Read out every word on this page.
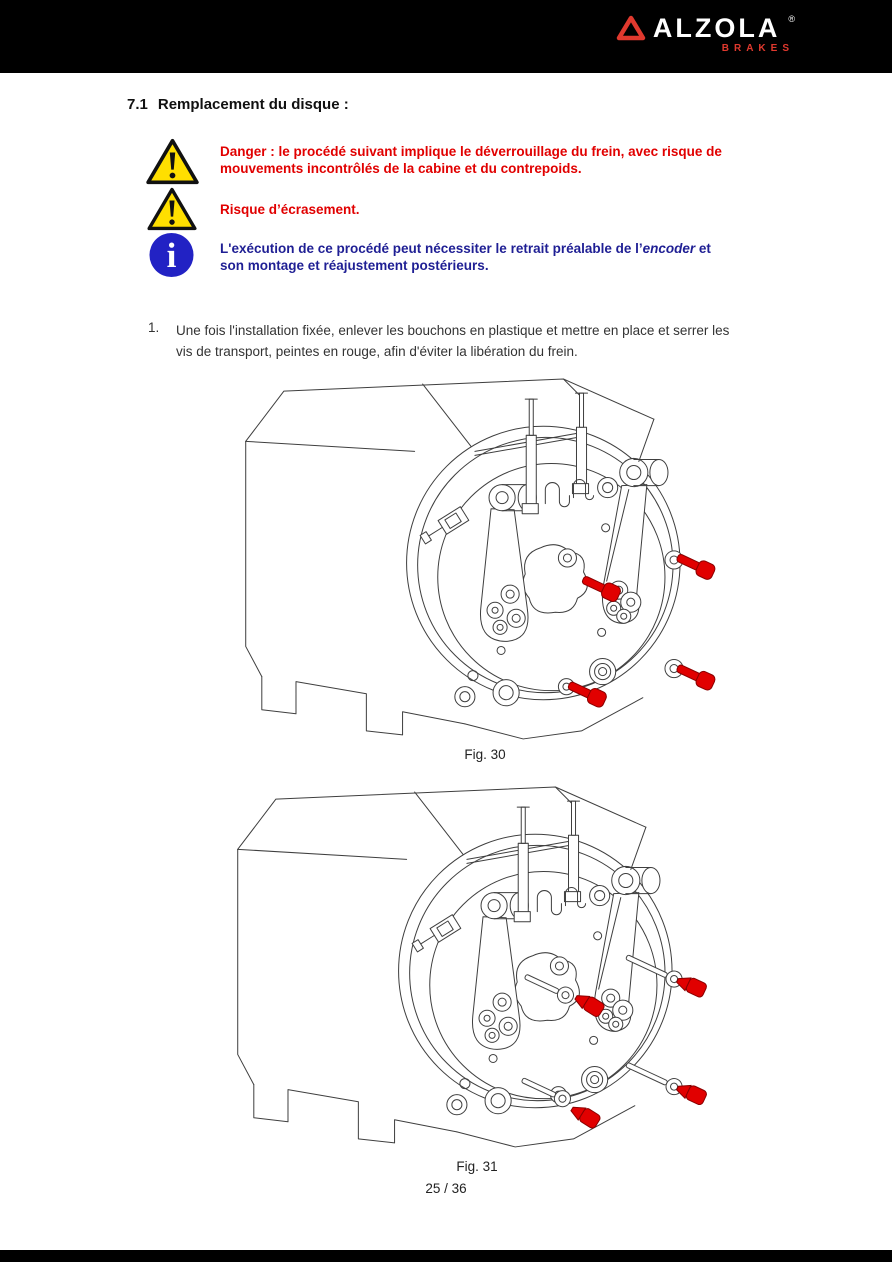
ALZOLA ®
BRAKES
7.1 Remplacement du disque :
Danger : le procédé suivant implique le déverrouillage du frein, avec risque de
mouvements incontrôlés de la cabine et du contrepoids.
Risque d’écrasement.
i	L'exécution de ce procédé peut nécessiter le retrait préalable de l’encoder et
son montage et réajustement postérieurs.
1. Une fois l'installation fixée, enlever les bouchons en plastique et mettre en place et serrer les
vis de transport, peintes en rouge, afin d'éviter la libération du frein.
Fig. 30
Fig. 31
25 / 36
